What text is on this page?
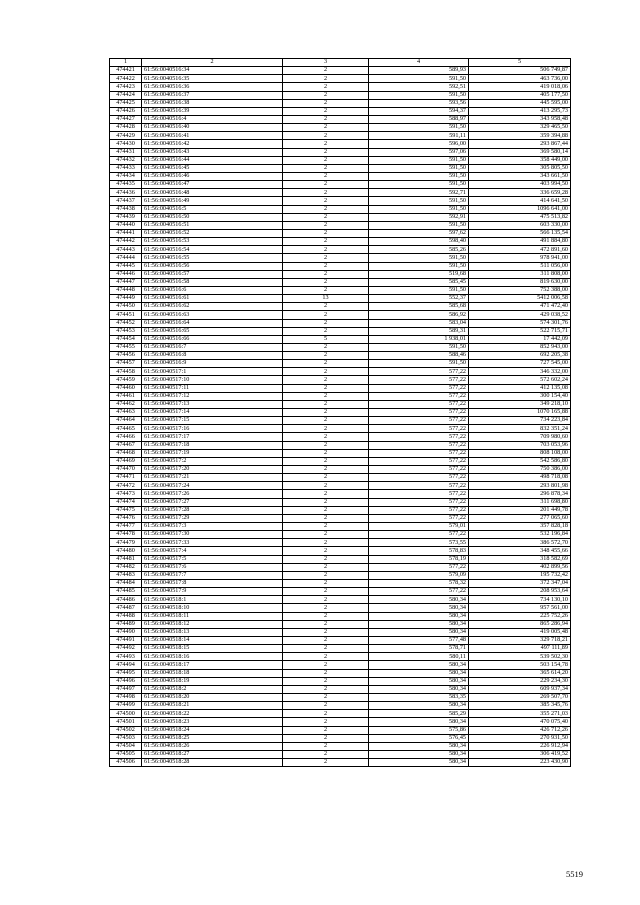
1	2	3	4	5
474421	61:56:0040516:34	2	589,93	506 749,87
474422	61:56:0040516:35	2	591,50	463 736,00
474423	61:56:0040516:36	2	592,51	419 018,06
474424	61:56:0040516:37	2	591,50	405 177,50
474425	61:56:0040516:38	2	593,56	445 595,00
474426	61:56:0040516:39	2	594,37	413 295,73
474427	61:56:0040516:4	2	588,97	343 958,48
474428	61:56:0040516:40	2	591,50	329 465,50
474429	61:56:0040516:41	2	591,11	359 394,88
474430	61:56:0040516:42	2	596,00	293 867,44
474431	61:56:0040516:43	2	597,06	369 580,14
474432	61:56:0040516:44	2	591,50	358 449,00
474433	61:56:0040516:45	2	591,50	305 805,50
474434	61:56:0040516:46	2	591,50	343 661,50
474435	61:56:0040516:47	2	591,50	403 994,50
474436	61:56:0040516:48	2	592,71	336 659,28
474437	61:56:0040516:49	2	591,50	414 641,50
474438	61:56:0040516:5	2	591,50	1096 641,00
474439	61:56:0040516:50	2	592,91	475 513,82
474440	61:56:0040516:51	2	591,50	603 330,00
474441	61:56:0040516:52	2	597,62	566 135,54
474442	61:56:0040516:53	2	598,40	491 884,80
474443	61:56:0040516:54	2	585,26	472 891,60
474444	61:56:0040516:55	2	591,50	978 941,00
474445	61:56:0040516:56	2	591,50	511 056,00
474446	61:56:0040516:57	2	519,68	311 808,00
474447	61:56:0040516:58	2	585,45	819 630,00
474448	61:56:0040516:6	2	591,50	752 388,00
474449	61:56:0040516:61	13	552,37	5412 006,58
474450	61:56:0040516:62	2	585,68	471 472,40
474451	61:56:0040516:63	2	586,92	429 038,52
474452	61:56:0040516:64	2	583,04	574 301,76
474453	61:56:0040516:65	2	589,31	522 715,71
474454	61:56:0040516:66	5	1 938,01	17 442,09
474455	61:56:0040516:7	2	591,50	852 943,00
474456	61:56:0040516:8	2	588,46	692 205,38
474457	61:56:0040516:9	2	591,50	727 545,00
474458	61:56:0040517:1	2	577,22	346 332,00
474459	61:56:0040517:10	2	577,22	572 602,24
474460	61:56:0040517:11	2	577,22	412 135,08
474461	61:56:0040517:12	2	577,22	300 154,40
474462	61:56:0040517:13	2	577,22	349 218,10
474463	61:56:0040517:14	2	577,22	1070 165,88
474464	61:56:0040517:15	2	577,22	734 223,84
474465	61:56:0040517:16	2	577,22	832 351,24
474466	61:56:0040517:17	2	577,22	709 980,60
474467	61:56:0040517:18	2	577,22	703 053,96
474468	61:56:0040517:19	2	577,22	808 108,00
474469	61:56:0040517:2	2	577,22	542 586,80
474470	61:56:0040517:20	2	577,22	750 386,00
474471	61:56:0040517:21	2	577,22	498 718,08
474472	61:56:0040517:24	2	577,22	293 801,98
474473	61:56:0040517:26	2	577,22	296 878,34
474474	61:56:0040517:27	2	577,22	311 698,80
474475	61:56:0040517:28	2	577,22	201 449,78
474476	61:56:0040517:29	2	577,22	277 065,60
474477	61:56:0040517:3	2	579,01	357 828,18
474478	61:56:0040517:30	2	577,22	532 196,84
474479	61:56:0040517:33	2	573,55	386 572,70
474480	61:56:0040517:4	2	578,83	348 455,66
474481	61:56:0040517:5	2	578,19	318 582,69
474482	61:56:0040517:6	2	577,22	402 899,56
474483	61:56:0040517:7	2	579,09	195 732,42
474484	61:56:0040517:8	2	578,32	372 347,04
474485	61:56:0040517:9	2	577,22	208 953,64
474486	61:56:0040518:1	2	580,34	734 130,10
474487	61:56:0040518:10	2	580,34	957 561,00
474488	61:56:0040518:11	2	580,34	225 752,26
474489	61:56:0040518:12	2	580,34	865 286,94
474490	61:56:0040518:13	2	580,34	419 005,48
474491	61:56:0040518:14	2	577,48	329 718,21
474492	61:56:0040518:15	2	578,71	497 111,89
474493	61:56:0040518:16	2	580,11	539 502,30
474494	61:56:0040518:17	2	580,34	503 154,78
474495	61:56:0040518:18	2	580,34	365 614,20
474496	61:56:0040518:19	2	580,34	229 234,30
474497	61:56:0040518:2	2	580,34	609 937,34
474498	61:56:0040518:20	2	583,35	269 507,70
474499	61:56:0040518:21	2	580,34	385 345,76
474500	61:56:0040518:22	2	585,29	355 271,03
474501	61:56:0040518:23	2	580,34	470 075,40
474502	61:56:0040518:24	2	575,86	426 712,26
474503	61:56:0040518:25	2	576,45	270 931,50
474504	61:56:0040518:26	2	580,34	226 912,94
474505	61:56:0040518:27	2	580,34	306 419,52
474506	61:56:0040518:28	2	580,34	223 430,90
5519
